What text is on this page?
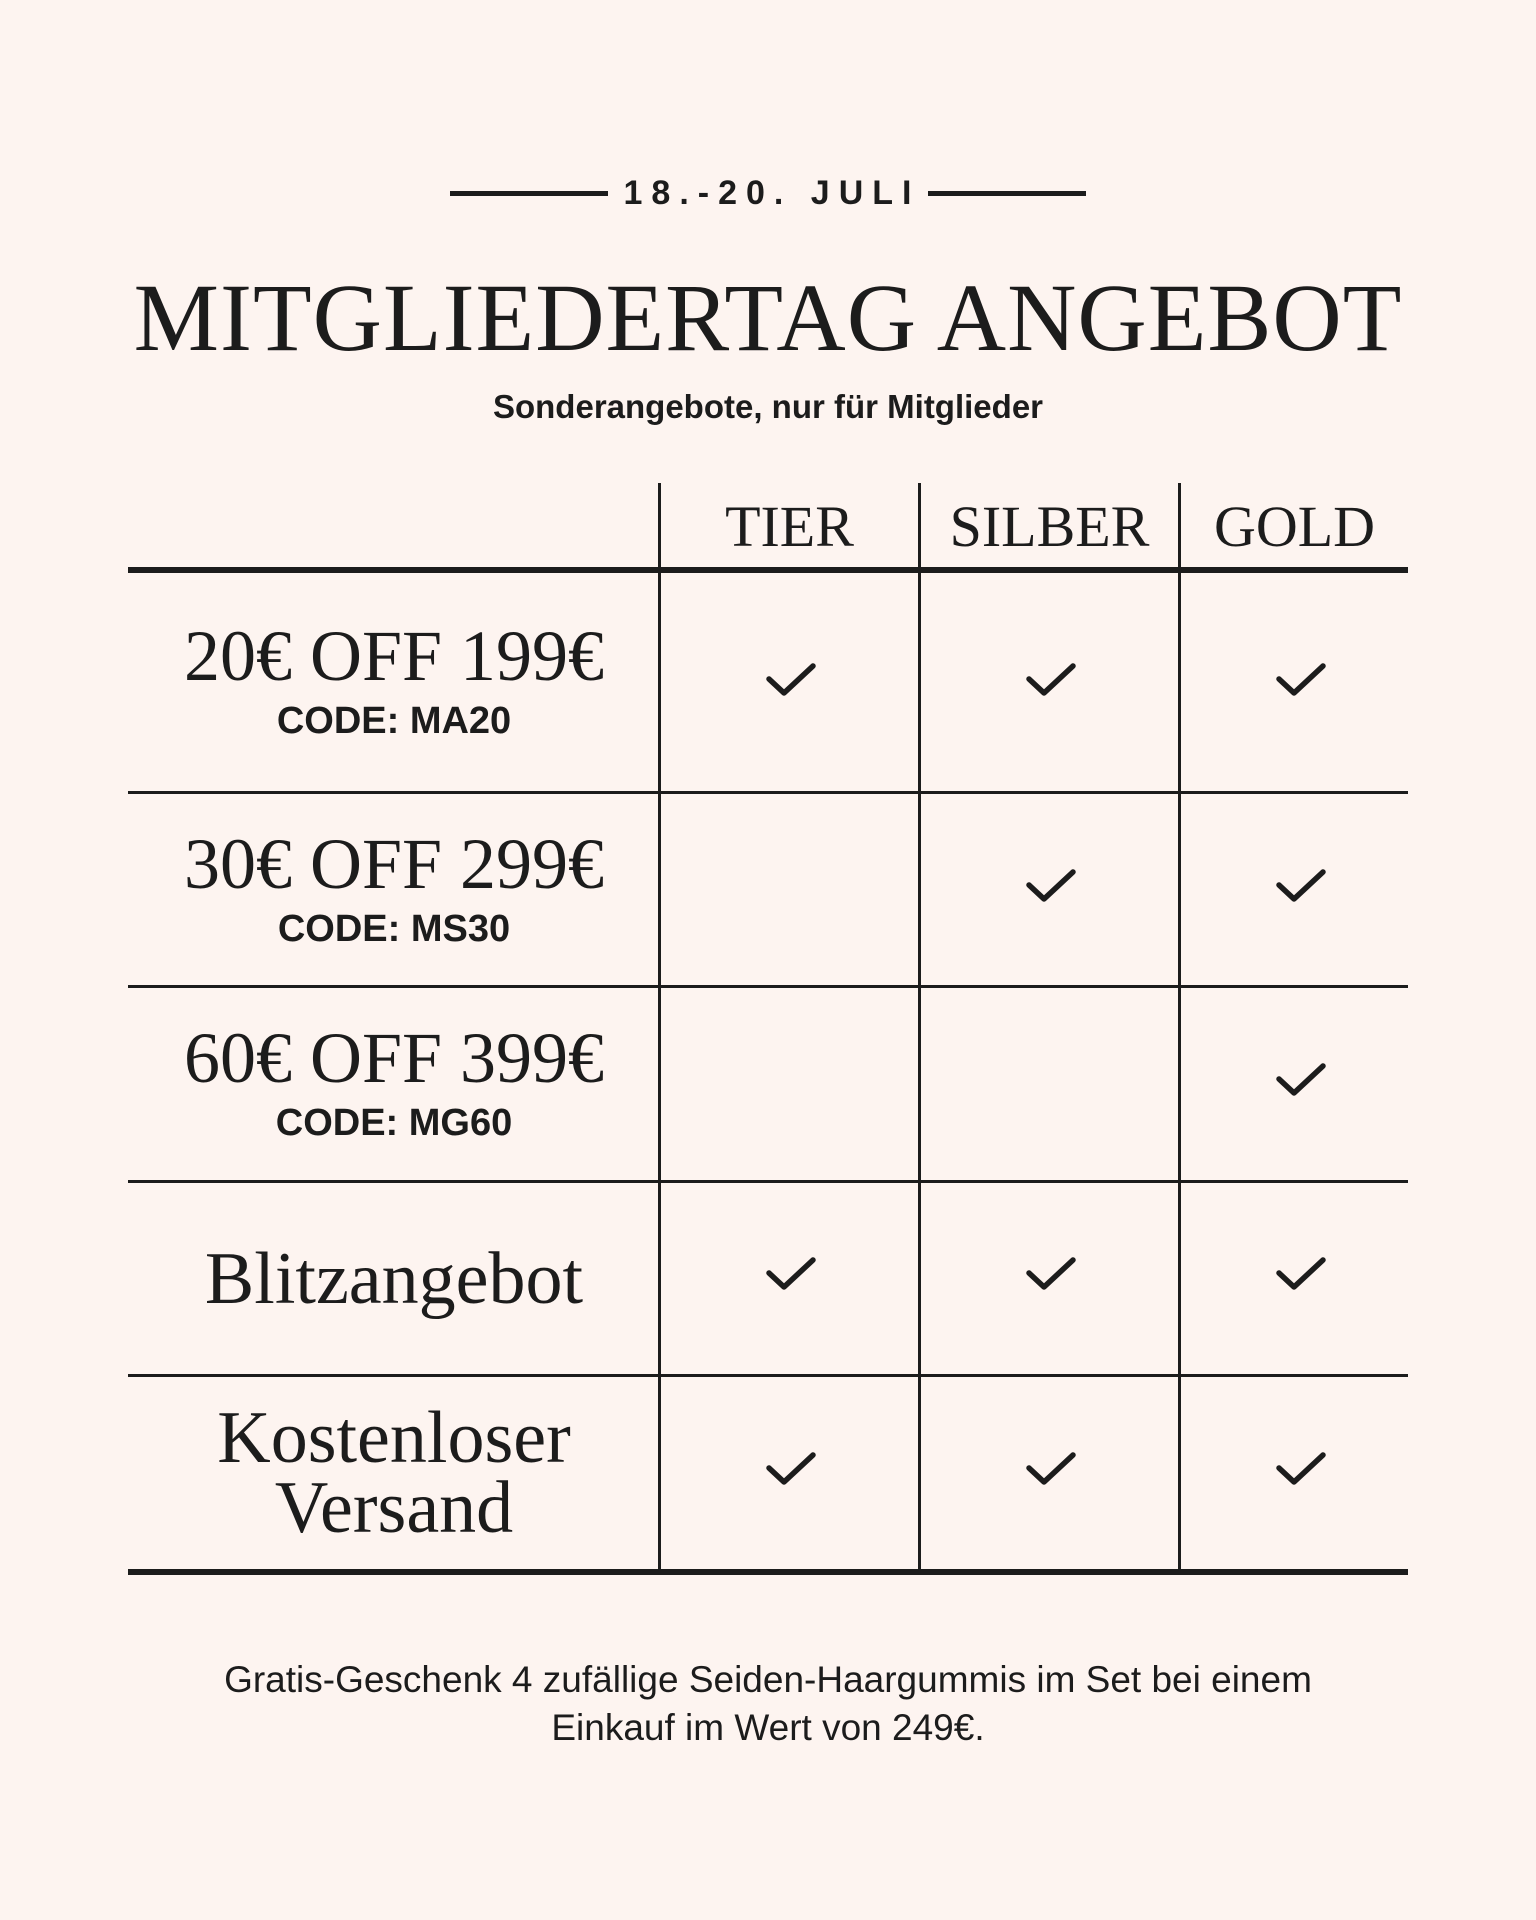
18.-20. JULI
MITGLIEDERTAG ANGEBOT
Sonderangebote, nur für Mitglieder
TIER	SILBER	GOLD
20€ OFF 199€
CODE: MA20
30€ OFF 299€
CODE: MS30
60€ OFF 399€
CODE: MG60
Blitzangebot
Kostenloser
Versand
Gratis-Geschenk 4 zufällige Seiden-Haargummis im Set bei einem
Einkauf im Wert von 249€.
